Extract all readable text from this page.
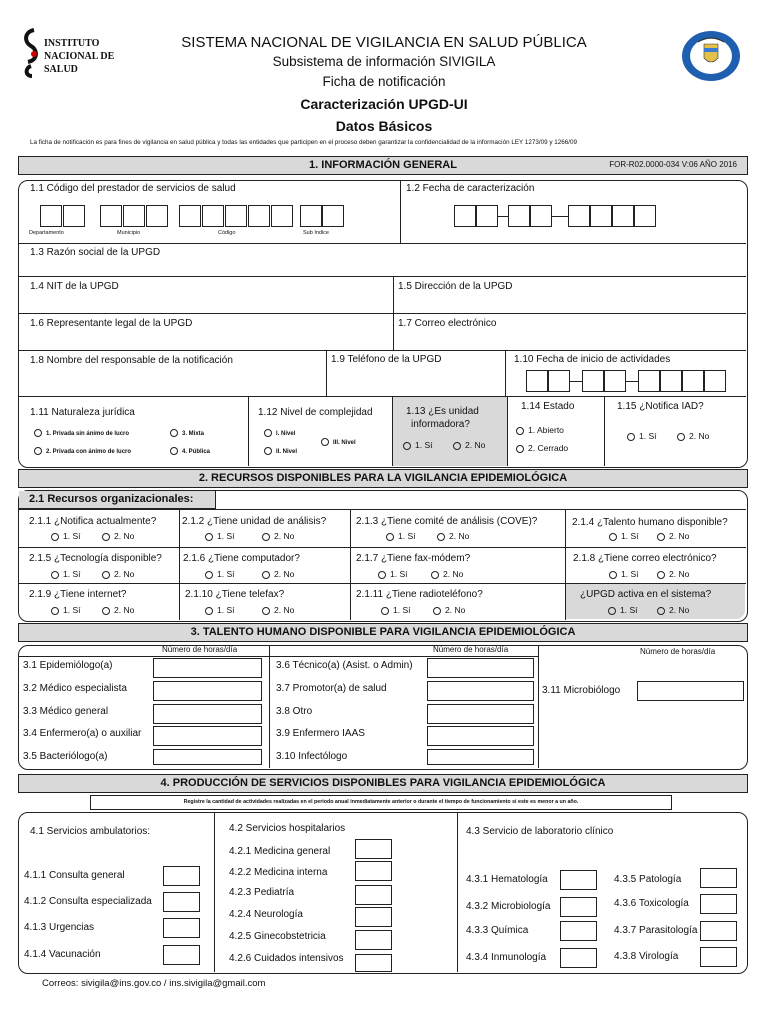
INSTITUTO
NACIONAL DE
SALUD
SISTEMA NACIONAL DE VIGILANCIA EN SALUD PÚBLICA
Subsistema de información SIVIGILA
Ficha de notificación
Caracterización UPGD-UI
Datos Básicos
La ficha de notificación es para fines de vigilancia en salud pública y todas las entidades que participen en el proceso deben garantizar la confidencialidad de la información LEY 1273/09 y 1266/09
1. INFORMACIÓN GENERAL	FOR-R02.0000-034 V:06 AÑO 2016
1.1 Código del prestador de servicios de salud
Departamento	Municipio	Código	Sub Indice
1.2 Fecha de caracterización
1.3 Razón social de la UPGD
1.4 NIT de la UPGD	1.5 Dirección de la UPGD
1.6 Representante legal de la UPGD	1.7 Correo electrónico
1.8 Nombre del responsable de la notificación	1.9 Teléfono de la UPGD	1.10 Fecha de inicio de actividades
1.11 Naturaleza jurídica
1. Privada sin ánimo de lucro
2. Privada con ánimo de lucro
3. Mixta
4. Pública
1.12 Nivel de complejidad
I. Nivel
II. Nivel
III. Nivel
1.13 ¿Es unidad
informadora?
1. Sí	2. No
1.14 Estado
1. Abierto
2. Cerrado
1.15 ¿Notifica IAD?
1. Sí	2. No
2. RECURSOS DISPONIBLES PARA LA VIGILANCIA EPIDEMIOLÓGICA
2.1 Recursos organizacionales:
2.1.1 ¿Notifica actualmente?
1. Sí	2. No
2.1.2 ¿Tiene unidad de análisis?
1. Sí	2. No
2.1.3 ¿Tiene comité de análisis (COVE)?
1. Sí	2. No
2.1.4 ¿Talento humano disponible?
1. Sí	2. No
2.1.5 ¿Tecnología disponible?
1. Sí	2. No
2.1.6 ¿Tiene computador?
1. Sí	2. No
2.1.7 ¿Tiene fax-módem?
1. Sí	2. No
2.1.8 ¿Tiene correo electrónico?
1. Sí	2. No
2.1.9 ¿Tiene internet?
1. Sí	2. No
2.1.10 ¿Tiene telefax?
1. Sí	2. No
2.1.11 ¿Tiene radioteléfono?
1. Sí	2. No
¿UPGD activa en el sistema?
1. Sí	2. No
3. TALENTO HUMANO DISPONIBLE PARA VIGILANCIA EPIDEMIOLÓGICA
Número de horas/día	Número de horas/día	Número de horas/día
3.1 Epidemiólogo(a)
3.2 Médico especialista
3.3 Médico general
3.4 Enfermero(a) o auxiliar
3.5 Bacteriólogo(a)
3.6 Técnico(a) (Asist. o Admin)
3.7 Promotor(a) de salud
3.8 Otro
3.9 Enfermero IAAS
3.10 Infectólogo
3.11 Microbiólogo
4. PRODUCCIÓN DE SERVICIOS DISPONIBLES PARA VIGILANCIA EPIDEMIOLÓGICA
Registre la cantidad de actividades realizadas en el periodo anual inmediatamente anterior o durante el tiempo de funcionamiento si este es menor a un año.
4.1 Servicios ambulatorios:
4.1.1 Consulta general
4.1.2 Consulta especializada
4.1.3 Urgencias
4.1.4 Vacunación
4.2 Servicios hospitalarios
4.2.1 Medicina general
4.2.2 Medicina interna
4.2.3 Pediatría
4.2.4 Neurología
4.2.5 Ginecobstetricia
4.2.6 Cuidados intensivos
4.3 Servicio de laboratorio clínico
4.3.1 Hematología
4.3.2 Microbiología
4.3.3 Química
4.3.4 Inmunología
4.3.5 Patología
4.3.6 Toxicología
4.3.7 Parasitología
4.3.8 Virología
Correos: sivigila@ins.gov.co / ins.sivigila@gmail.com
